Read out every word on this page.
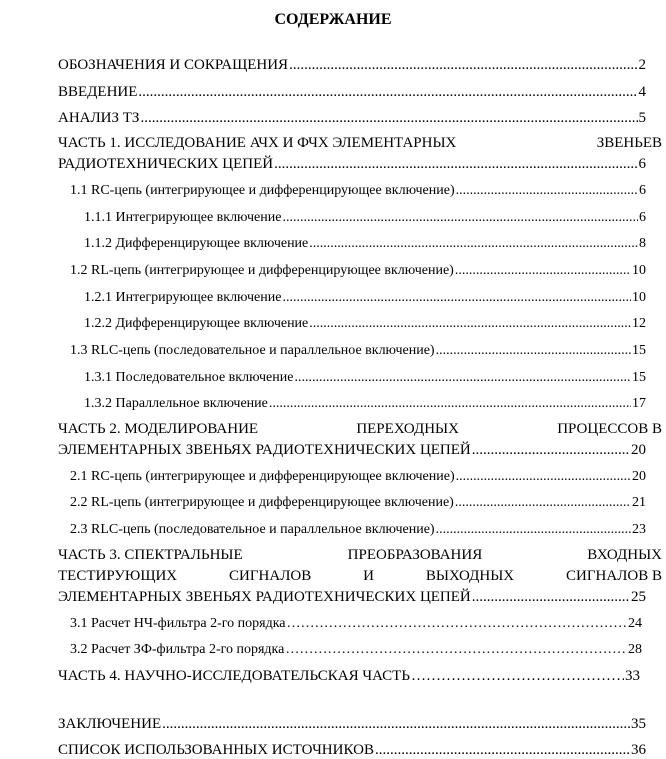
СОДЕРЖАНИЕ
ОБОЗНАЧЕНИЯ И СОКРАЩЕНИЯ .....	2
ВВЕДЕНИЕ .....	4
АНАЛИЗ ТЗ .....	5
ЧАСТЬ 1. ИССЛЕДОВАНИЕ АЧХ И ФЧХ ЭЛЕМЕНТАРНЫХ	ЗВЕНЬЕВ
РАДИОТЕХНИЧЕСКИХ ЦЕПЕЙ .....	6
1.1 RC-цепь (интегрирующее и дифференцирующее включение) .....	6
1.1.1 Интегрирующее включение .....	6
1.1.2 Дифференцирующее включение .....	8
1.2 RL-цепь (интегрирующее и дифференцирующее включение) .....	10
1.2.1 Интегрирующее включение .....	10
1.2.2 Дифференцирующее включение .....	12
1.3 RLC-цепь (последовательное и параллельное включение) .....	15
1.3.1 Последовательное включение .....	15
1.3.2 Параллельное включение .....	17
ЧАСТЬ 2. МОДЕЛИРОВАНИЕ	ПЕРЕХОДНЫХ	ПРОЦЕССОВ В
ЭЛЕМЕНТАРНЫХ ЗВЕНЬЯХ РАДИОТЕХНИЧЕСКИХ ЦЕПЕЙ .....	20
2.1 RC-цепь (интегрирующее и дифференцирующее включение) .....	20
2.2 RL-цепь (интегрирующее и дифференцирующее включение) .....	21
2.3 RLC-цепь (последовательное и параллельное включение) .....	23
ЧАСТЬ 3. СПЕКТРАЛЬНЫЕ	ПРЕОБРАЗОВАНИЯ	ВХОДНЫХ
ТЕСТИРУЮЩИХ	СИГНАЛОВ	И	ВЫХОДНЫХ	СИГНАЛОВ В
ЭЛЕМЕНТАРНЫХ ЗВЕНЬЯХ РАДИОТЕХНИЧЕСКИХ ЦЕПЕЙ .....	25
3.1 Расчет НЧ-фильтра 2-го порядка ……………………………………………………………………………………………………………………………	24
3.2 Расчет ЗФ-фильтра 2-го порядка ……………………………………………………………………………………………………………………………	28
ЧАСТЬ 4. НАУЧНО-ИССЛЕДОВАТЕЛЬСКАЯ ЧАСТЬ ……………………………………………………………………………………………………………………………	33
ЗАКЛЮЧЕНИЕ .....	35
СПИСОК ИСПОЛЬЗОВАННЫХ ИСТОЧНИКОВ .....	36
